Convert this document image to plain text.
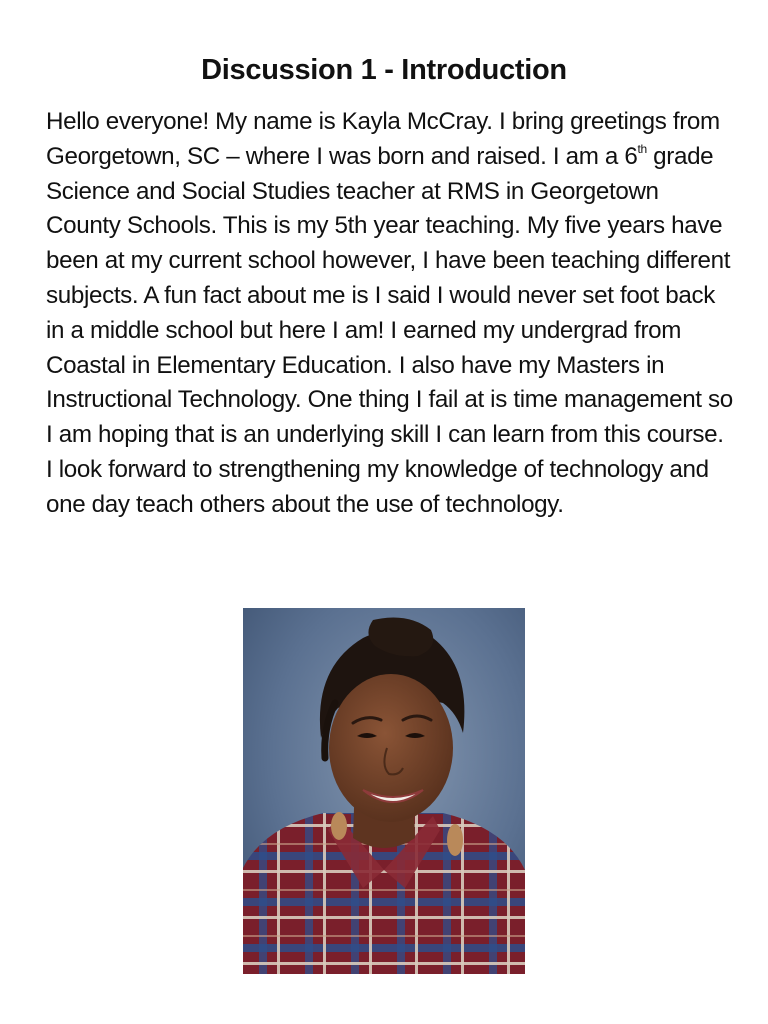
Discussion 1 - Introduction

Hello everyone! My name is Kayla McCray. I bring greetings from Georgetown, SC – where I was born and raised. I am a 6th grade Science and Social Studies teacher at RMS in Georgetown County Schools. This is my 5th year teaching. My five years have been at my current school however, I have been teaching different subjects. A fun fact about me is I said I would never set foot back in a middle school but here I am! I earned my undergrad from Coastal in Elementary Education. I also have my Masters in Instructional Technology. One thing I fail at is time management so I am hoping that is an underlying skill I can learn from this course. I look forward to strengthening my knowledge of technology and one day teach others about the use of technology.
